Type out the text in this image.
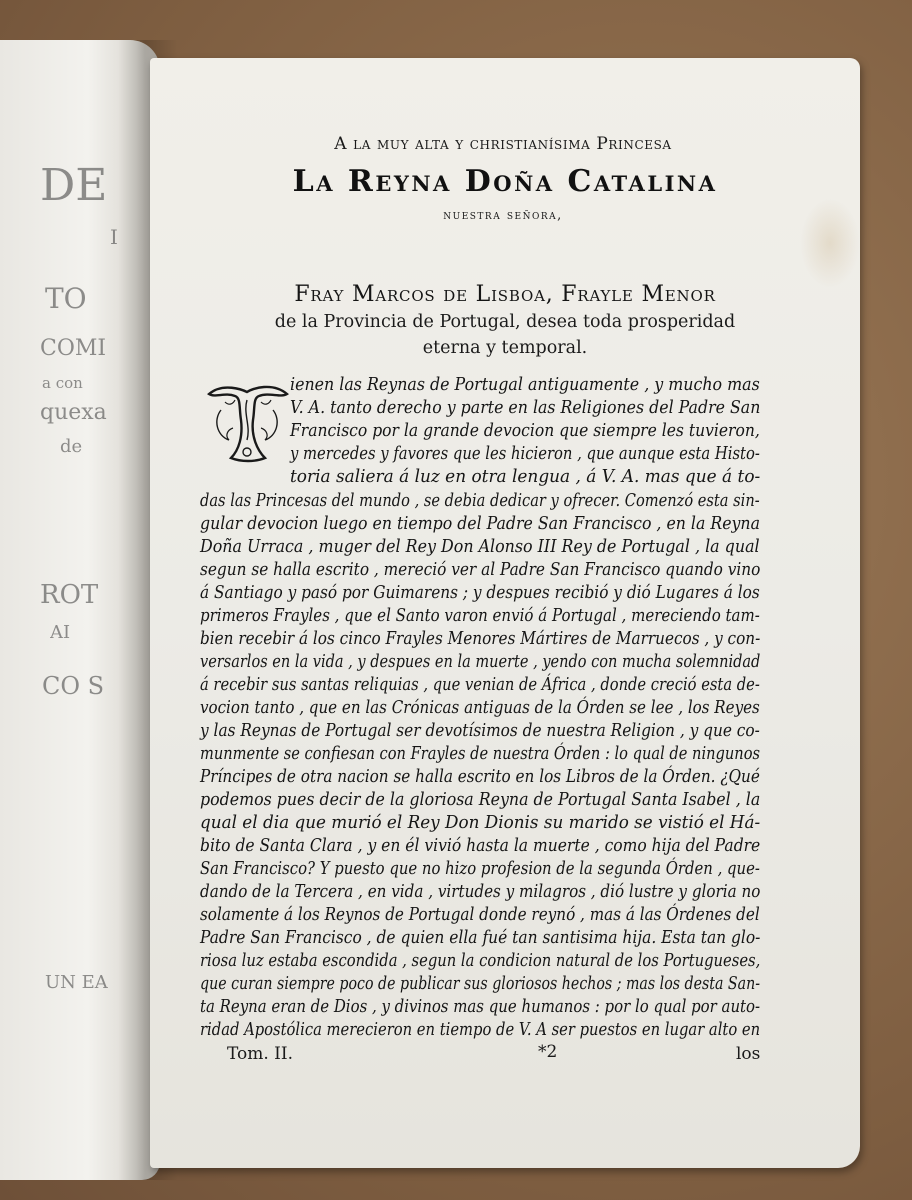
DE
I
TO
COMI
a con
quexa
de
ROT
AI
CO S
UN EA
A la muy alta y christianísima Princesa
La Reyna Doña Catalina
nuestra señora,
Fray Marcos de Lisboa, Frayle Menor
de la Provincia de Portugal, desea toda prosperidad
eterna y temporal.
ienen las Reynas de Portugal antiguamente , y mucho mas
V. A. tanto derecho y parte en las Religiones del Padre San
Francisco por la grande devocion que siempre les tuvieron,
y mercedes y favores que les hicieron , que aunque esta Histo-
toria saliera á luz en otra lengua , á V. A. mas que á to-
das las Princesas del mundo , se debia dedicar y ofrecer. Comenzó esta sin-
gular devocion luego en tiempo del Padre San Francisco , en la Reyna
Doña Urraca , muger del Rey Don Alonso III Rey de Portugal , la qual
segun se halla escrito , mereció ver al Padre San Francisco quando vino
á Santiago y pasó por Guimarens ; y despues recibió y dió Lugares á los
primeros Frayles , que el Santo varon envió á Portugal , mereciendo tam-
bien recebir á los cinco Frayles Menores Mártires de Marruecos , y con-
versarlos en la vida , y despues en la muerte , yendo con mucha solemnidad
á recebir sus santas reliquias , que venian de África , donde creció esta de-
vocion tanto , que en las Crónicas antiguas de la Órden se lee , los Reyes
y las Reynas de Portugal ser devotísimos de nuestra Religion , y que co-
munmente se confiesan con Frayles de nuestra Órden : lo qual de ningunos
Príncipes de otra nacion se halla escrito en los Libros de la Órden. ¿Qué
podemos pues decir de la gloriosa Reyna de Portugal Santa Isabel , la
qual el dia que murió el Rey Don Dionis su marido se vistió el Há-
bito de Santa Clara , y en él vivió hasta la muerte , como hija del Padre
San Francisco? Y puesto que no hizo profesion de la segunda Órden , que-
dando de la Tercera , en vida , virtudes y milagros , dió lustre y gloria no
solamente á los Reynos de Portugal donde reynó , mas á las Órdenes del
Padre San Francisco , de quien ella fué tan santisima hija. Esta tan glo-
riosa luz estaba escondida , segun la condicion natural de los Portugueses,
que curan siempre poco de publicar sus gloriosos hechos ; mas los desta San-
ta Reyna eran de Dios , y divinos mas que humanos : por lo qual por auto-
ridad Apostólica merecieron en tiempo de V. A ser puestos en lugar alto en
Tom. II.	*2	los
